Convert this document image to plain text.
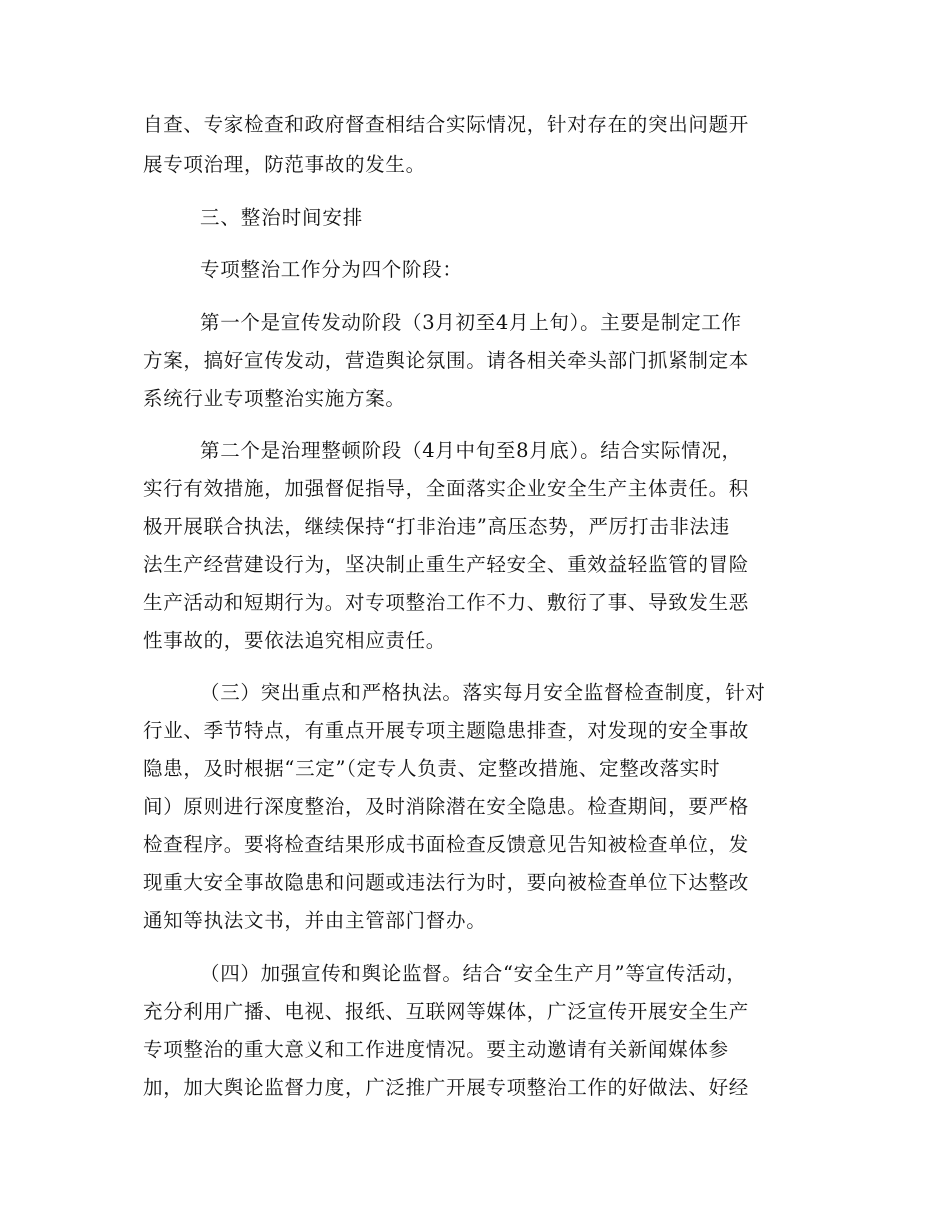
自查、专家检查和政府督查相结合实际情况，针对存在的突出问题开
展专项治理，防范事故的发生。
三、整治时间安排
专项整治工作分为四个阶段：
第一个是宣传发动阶段（3月初至4月上旬）。主要是制定工作
方案，搞好宣传发动，营造舆论氛围。请各相关牵头部门抓紧制定本
系统行业专项整治实施方案。
第二个是治理整顿阶段（4月中旬至8月底）。结合实际情况，
实行有效措施，加强督促指导，全面落实企业安全生产主体责任。积
极开展联合执法，继续保持“打非治违”高压态势，严厉打击非法违
法生产经营建设行为，坚决制止重生产轻安全、重效益轻监管的冒险
生产活动和短期行为。对专项整治工作不力、敷衍了事、导致发生恶
性事故的，要依法追究相应责任。
（三）突出重点和严格执法。落实每月安全监督检查制度，针对
行业、季节特点，有重点开展专项主题隐患排查，对发现的安全事故
隐患，及时根据“三定”（定专人负责、定整改措施、定整改落实时
间）原则进行深度整治，及时消除潜在安全隐患。检查期间，要严格
检查程序。要将检查结果形成书面检查反馈意见告知被检查单位，发
现重大安全事故隐患和问题或违法行为时，要向被检查单位下达整改
通知等执法文书，并由主管部门督办。
（四）加强宣传和舆论监督。结合“安全生产月”等宣传活动，
充分利用广播、电视、报纸、互联网等媒体，广泛宣传开展安全生产
专项整治的重大意义和工作进度情况。要主动邀请有关新闻媒体参
加，加大舆论监督力度，广泛推广开展专项整治工作的好做法、好经
